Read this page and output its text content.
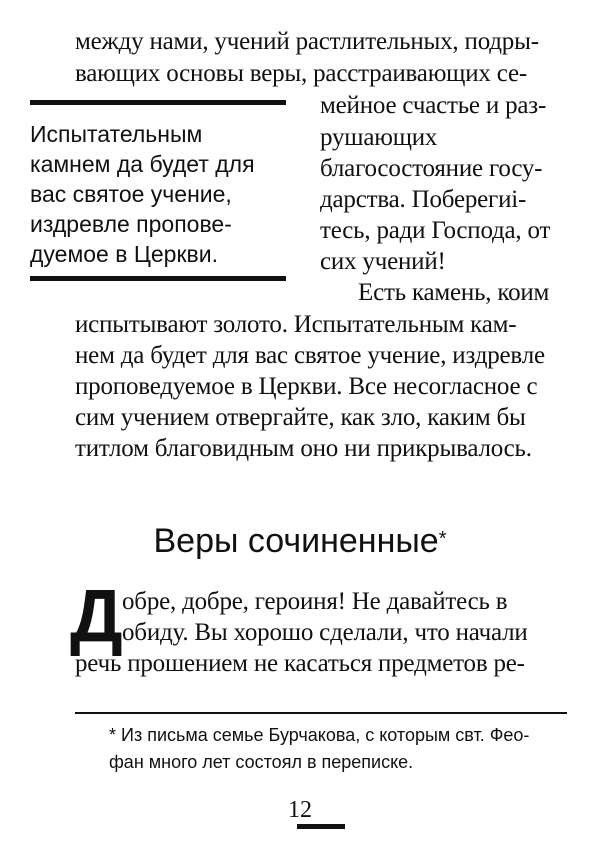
между нами, учений растлительных, подры-
вающих основы веры, расстраивающих се-
Испытательным
камнем да будет для
вас святое учение,
издревле пропове-
дуемое в Церкви.
мейное счастье и раз-
рушающих
благосостояние госу-
дарства. Поберегиі-
тесь, ради Господа, от
сих учений!
Есть камень, коим
испытывают золото. Испытательным кам-
нем да будет для вас святое учение, издревле
проповедуемое в Церкви. Все несогласное с
сим учением отвергайте, как зло, каким бы
титлом благовидным оно ни прикрывалось.
Веры сочиненные*
Д обре, добре, героиня! Не давайтесь в
обиду. Вы хорошо сделали, что начали
речь прошением не касаться предметов ре-
* Из письма семье Бурчакова, с которым свт. Фео-
фан много лет состоял в переписке.
12
